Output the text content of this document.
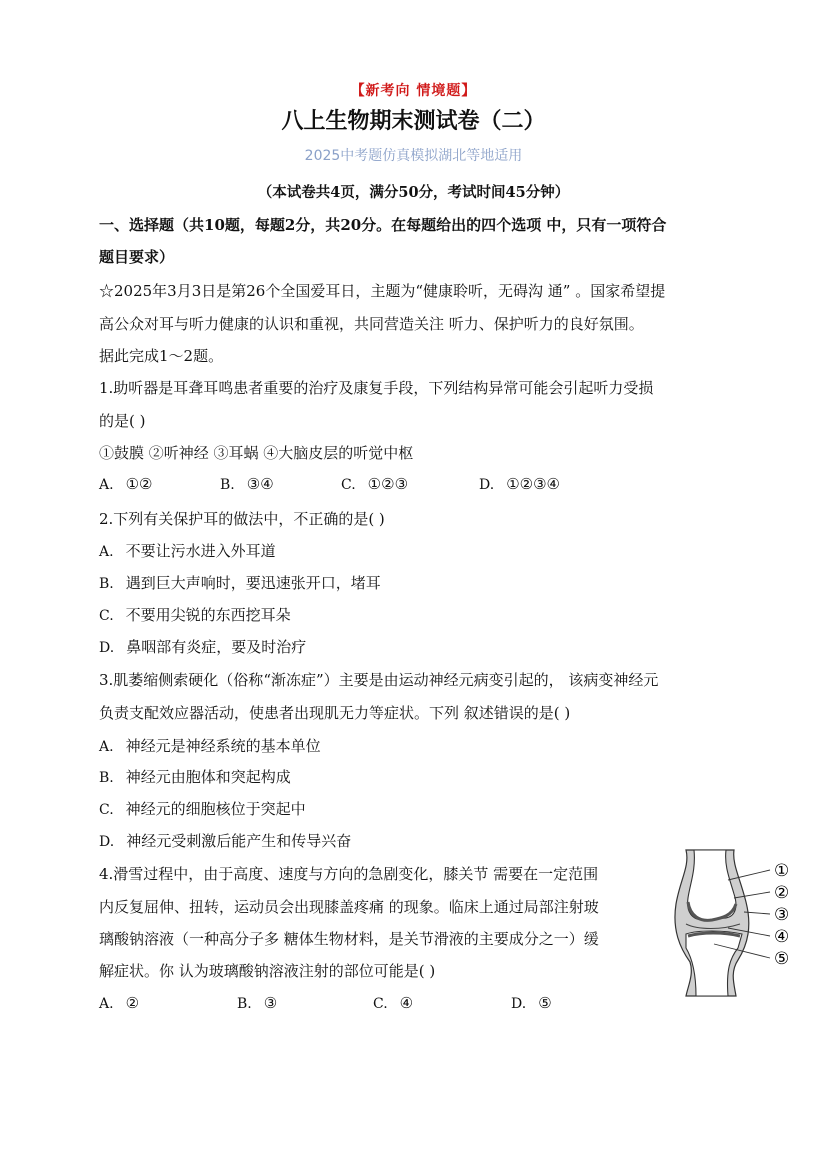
【新考向 情境题】
八上生物期末测试卷（二）
2025中考题仿真模拟湖北等地适用
（本试卷共4页，满分50分，考试时间45分钟）
一、选择题（共10题，每题2分，共20分。在每题给出的四个选项 中，只有一项符合
题目要求）
☆2025年3月3日是第26个全国爱耳日，主题为“健康聆听，无碍沟 通” 。国家希望提
高公众对耳与听力健康的认识和重视，共同营造关注 听力、保护听力的良好氛围。
据此完成1～2题。
1.助听器是耳聋耳鸣患者重要的治疗及康复手段，下列结构异常可能会引起听力受损
的是( )
①鼓膜 ②听神经 ③耳蜗 ④大脑皮层的听觉中枢
A. ①②	B. ③④	C. ①②③	D. ①②③④
2.下列有关保护耳的做法中，不正确的是( )
A. 不要让污水进入外耳道
B. 遇到巨大声响时，要迅速张开口，堵耳
C. 不要用尖锐的东西挖耳朵
D. 鼻咽部有炎症，要及时治疗
3.肌萎缩侧索硬化（俗称“渐冻症”）主要是由运动神经元病变引起的， 该病变神经元
负责支配效应器活动，使患者出现肌无力等症状。下列 叙述错误的是( )
A. 神经元是神经系统的基本单位
B. 神经元由胞体和突起构成
C. 神经元的细胞核位于突起中
D. 神经元受刺激后能产生和传导兴奋
4.滑雪过程中，由于高度、速度与方向的急剧变化，膝关节 需要在一定范围
内反复屈伸、扭转，运动员会出现膝盖疼痛 的现象。临床上通过局部注射玻
璃酸钠溶液（一种高分子多 糖体生物材料，是关节滑液的主要成分之一）缓
解症状。你 认为玻璃酸钠溶液注射的部位可能是( )
A. ②	B. ③	C. ④	D. ⑤
①
②
③
④
⑤
